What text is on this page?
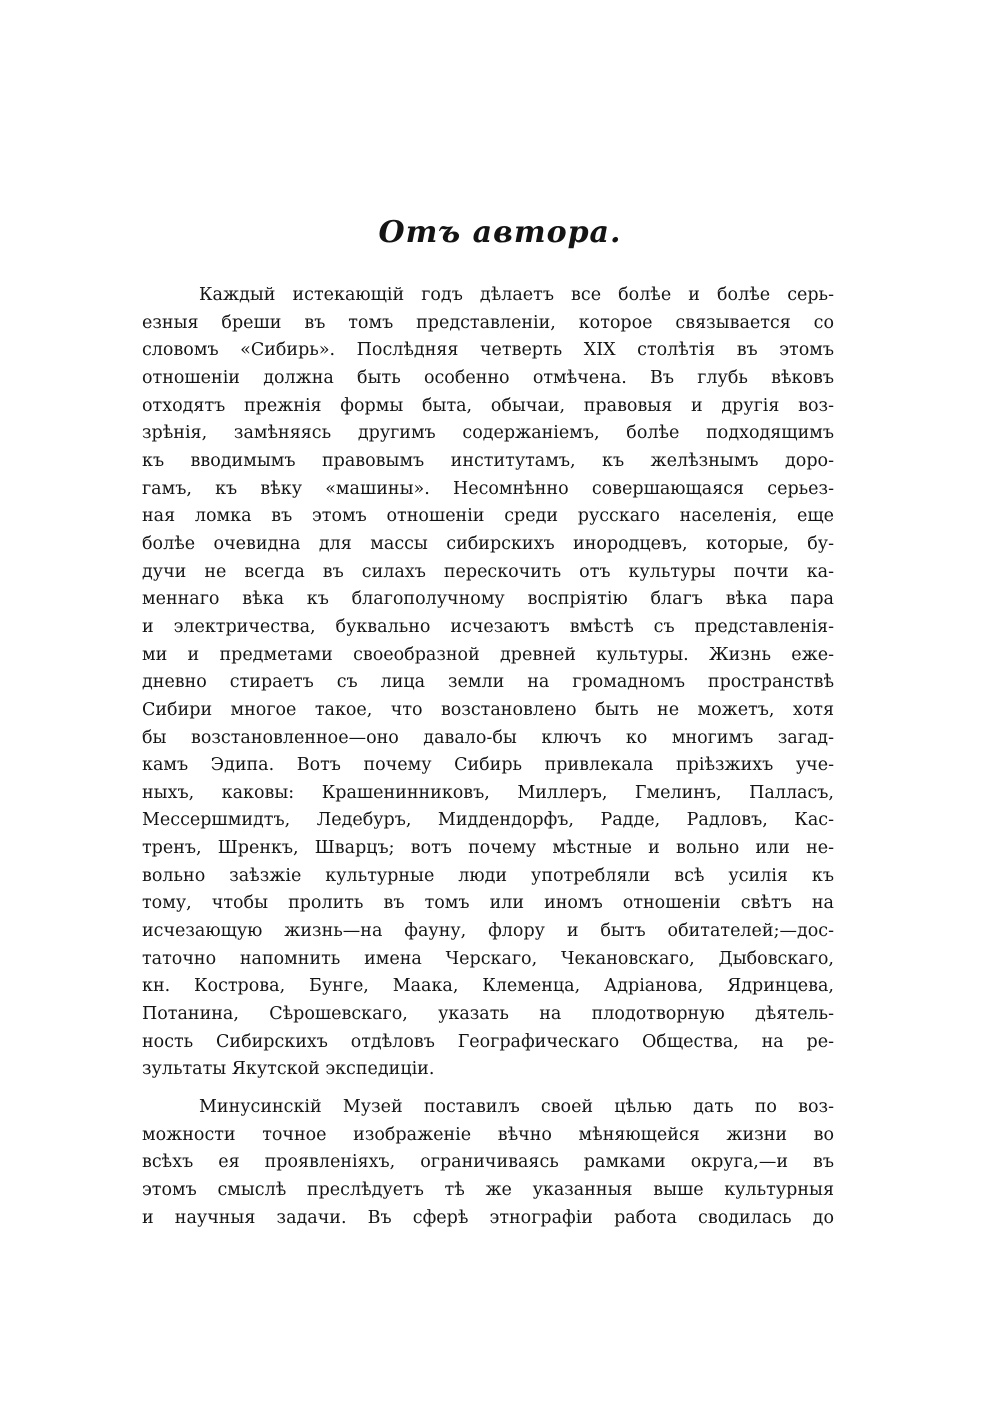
Отъ автора.
Каждый истекающій годъ дѣлаетъ все болѣе и болѣе серь-
езныя бреши въ томъ представленіи, которое связывается со
словомъ «Сибирь». Послѣдняя четверть XIX столѣтія въ этомъ
отношеніи должна быть особенно отмѣчена. Въ глубь вѣковъ
отходятъ прежнія формы быта, обычаи, правовыя и другія воз-
зрѣнія, замѣняясь другимъ содержаніемъ, болѣе подходящимъ
къ вводимымъ правовымъ институтамъ, къ желѣзнымъ доро-
гамъ, къ вѣку «машины». Несомнѣнно совершающаяся серьез-
ная ломка въ этомъ отношеніи среди русскаго населенія, еще
болѣе очевидна для массы сибирскихъ инородцевъ, которые, бу-
дучи не всегда въ силахъ перескочить отъ культуры почти ка-
меннаго вѣка къ благополучному воспріятію благъ вѣка пара
и электричества, буквально исчезаютъ вмѣстѣ съ представленія-
ми и предметами своеобразной древней культуры. Жизнь еже-
дневно стираетъ съ лица земли на громадномъ пространствѣ
Сибири многое такое, что возстановлено быть не можетъ, хотя
бы возстановленное—оно давало-бы ключъ ко многимъ загад-
камъ Эдипа. Вотъ почему Сибирь привлекала пріѣзжихъ уче-
ныхъ, каковы: Крашенинниковъ, Миллеръ, Гмелинъ, Палласъ,
Мессершмидтъ, Ледебуръ, Миддендорфъ, Радде, Радловъ, Кас-
тренъ, Шренкъ, Шварцъ; вотъ почему мѣстные и вольно или не-
вольно заѣзжіе культурные люди употребляли всѣ усилія къ
тому, чтобы пролить въ томъ или иномъ отношеніи свѣтъ на
исчезающую жизнь—на фауну, флору и бытъ обитателей;—дос-
таточно напомнить имена Черскаго, Чекановскаго, Дыбовскаго,
кн. Кострова, Бунге, Маака, Клеменца, Адріанова, Ядринцева,
Потанина, Сѣрошевскаго, указать на плодотворную дѣятель-
ность Сибирскихъ отдѣловъ Географическаго Общества, на ре-
зультаты Якутской экспедиціи.
Минусинскій Музей поставилъ своей цѣлью дать по воз-
можности точное изображеніе вѣчно мѣняющейся жизни во
всѣхъ ея проявленіяхъ, ограничиваясь рамками округа,—и въ
этомъ смыслѣ преслѣдуетъ тѣ же указанныя выше культурныя
и научныя задачи. Въ сферѣ этнографіи работа сводилась до
